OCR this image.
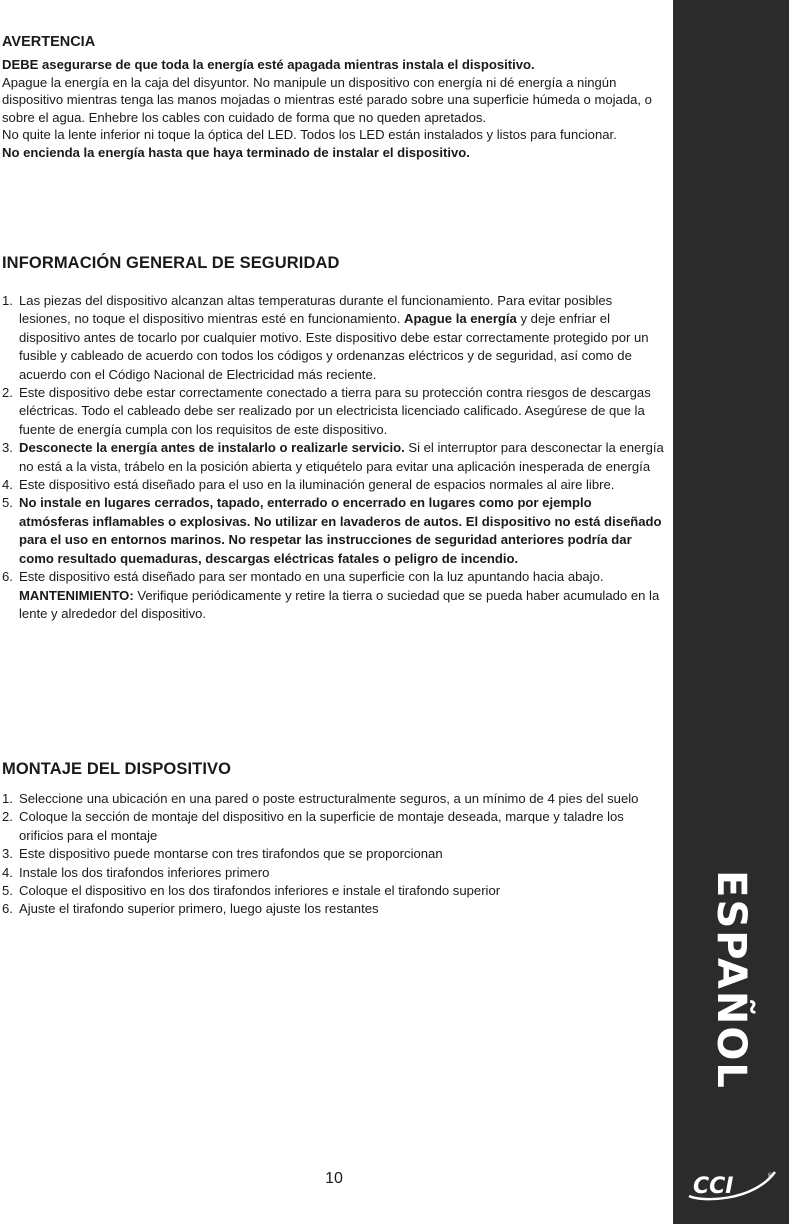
AVERTENCIA

DEBE asegurarse de que toda la energía esté apagada mientras instala el dispositivo.

Apague la energía en la caja del disyuntor. No manipule un dispositivo con energía ni dé energía a ningún dispositivo mientras tenga las manos mojadas o mientras esté parado sobre una superficie húmeda o mojada, o sobre el agua. Enhebre los cables con cuidado de forma que no queden apretados.

No quite la lente inferior ni toque la óptica del LED. Todos los LED están instalados y listos para funcionar.

No encienda la energía hasta que haya terminado de instalar el dispositivo.

INFORMACIÓN GENERAL DE SEGURIDAD
1. Las piezas del dispositivo alcanzan altas temperaturas durante el funcionamiento. Para evitar posibles lesiones, no toque el dispositivo mientras esté en funcionamiento. Apague la energía y deje enfriar el dispositivo antes de tocarlo por cualquier motivo. Este dispositivo debe estar correctamente protegido por un fusible y cableado de acuerdo con todos los códigos y ordenanzas eléctricos y de seguridad, así como de acuerdo con el Código Nacional de Electricidad más reciente.
2. Este dispositivo debe estar correctamente conectado a tierra para su protección contra riesgos de descargas eléctricas. Todo el cableado debe ser realizado por un electricista licenciado calificado. Asegúrese de que la fuente de energía cumpla con los requisitos de este dispositivo.
3. Desconecte la energía antes de instalarlo o realizarle servicio. Si el interruptor para desconectar la energía no está a la vista, trábelo en la posición abierta y etiquételo para evitar una aplicación inesperada de energía
4. Este dispositivo está diseñado para el uso en la iluminación general de espacios normales al aire libre.
5. No instale en lugares cerrados, tapado, enterrado o encerrado en lugares como por ejemplo atmósferas inflamables o explosivas. No utilizar en lavaderos de autos. El dispositivo no está diseñado para el uso en entornos marinos. No respetar las instrucciones de seguridad anteriores podría dar como resultado quemaduras, descargas eléctricas fatales o peligro de incendio.
6. Este dispositivo está diseñado para ser montado en una superficie con la luz apuntando hacia abajo.
MANTENIMIENTO: Verifique periódicamente y retire la tierra o suciedad que se pueda haber acumulado en la lente y alrededor del dispositivo.
MONTAJE DEL DISPOSITIVO
1. Seleccione una ubicación en una pared o poste estructuralmente seguros, a un mínimo de 4 pies del suelo
2. Coloque la sección de montaje del dispositivo en la superficie de montaje deseada, marque y taladre los orificios para el montaje
3. Este dispositivo puede montarse con tres tirafondos que se proporcionan
4. Instale los dos tirafondos inferiores primero
5. Coloque el dispositivo en los dos tirafondos inferiores e instale el tirafondo superior
6. Ajuste el tirafondo superior primero, luego ajuste los restantes
10
ESPAÑOL
CCI	®
